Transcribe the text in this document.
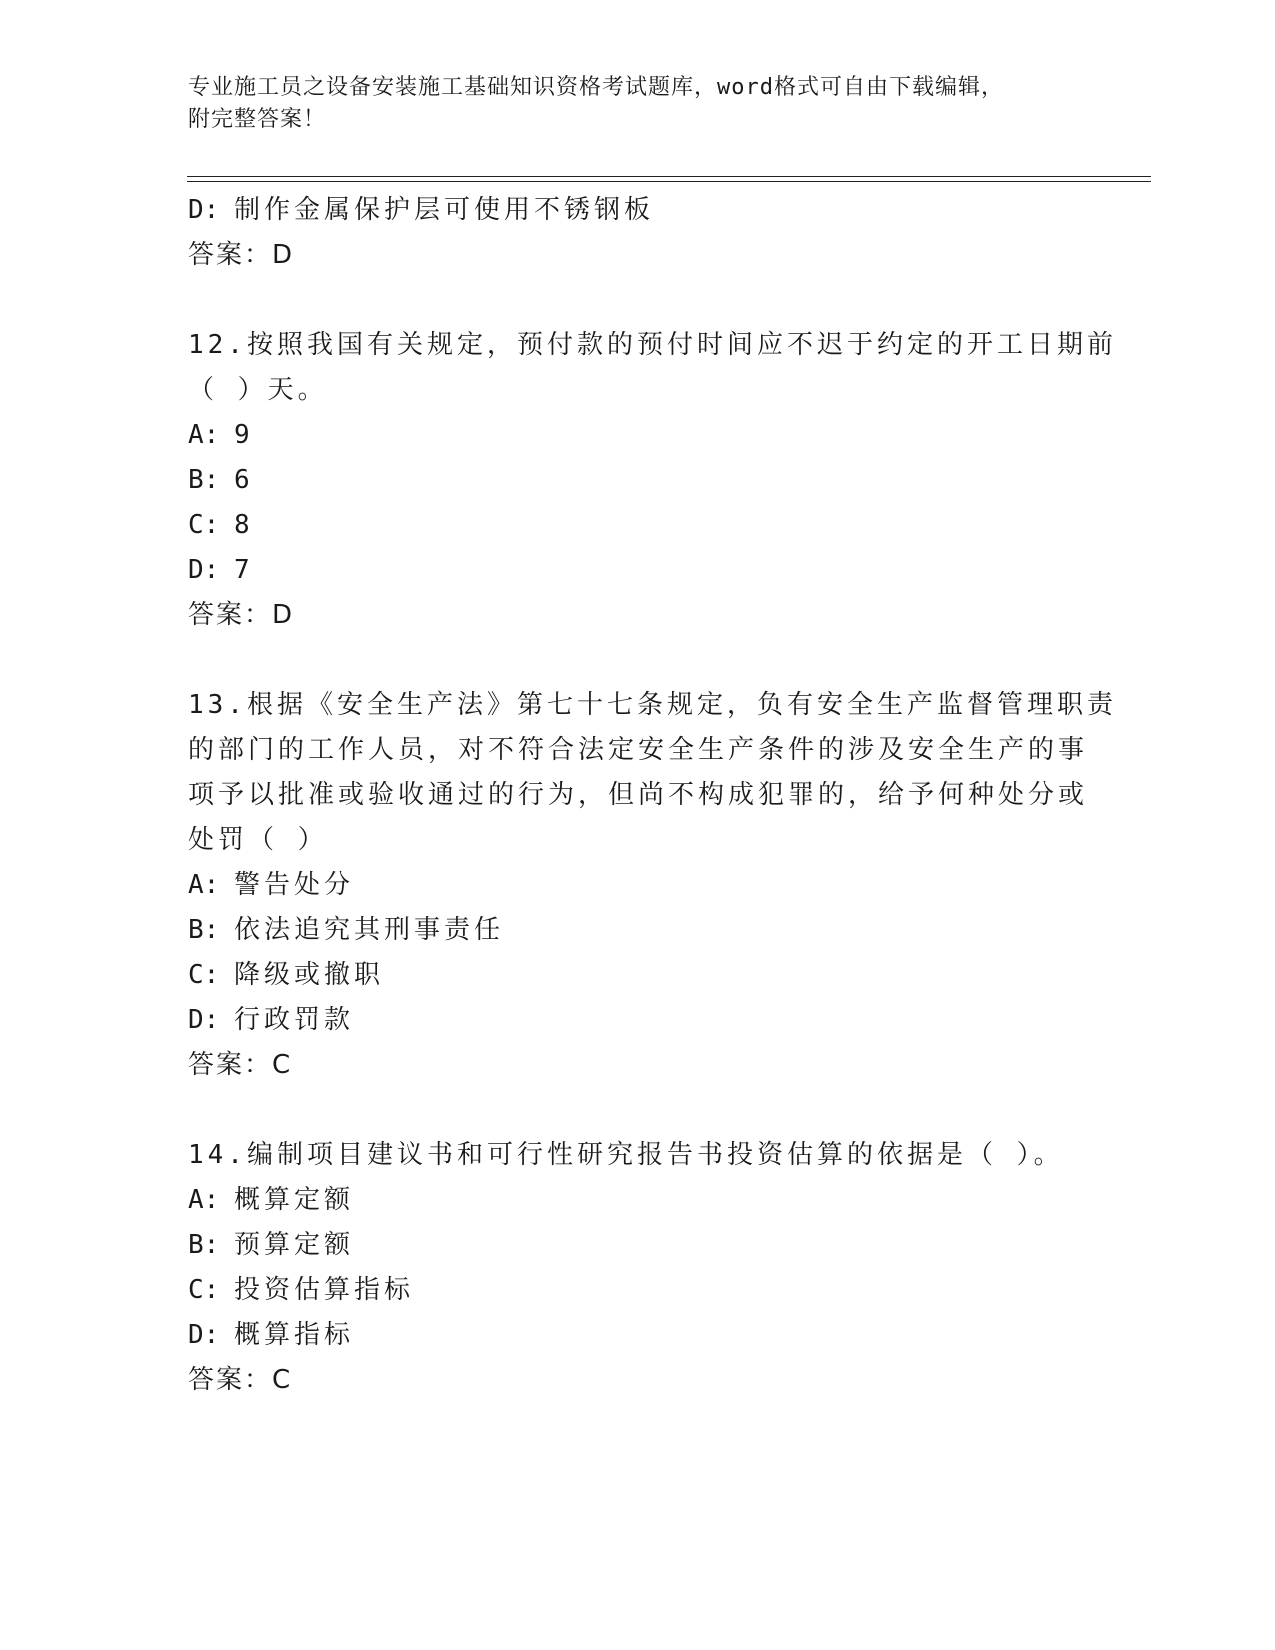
专业施工员之设备安装施工基础知识资格考试题库，word格式可自由下载编辑，
附完整答案！
D: 制作金属保护层可使用不锈钢板
答案：D
12.按照我国有关规定，预付款的预付时间应不迟于约定的开工日期前
（ ）天。
A: 9
B: 6
C: 8
D: 7
答案：D
13.根据《安全生产法》第七十七条规定，负有安全生产监督管理职责
的部门的工作人员，对不符合法定安全生产条件的涉及安全生产的事
项予以批准或验收通过的行为，但尚不构成犯罪的，给予何种处分或
处罚（ ）
A: 警告处分
B: 依法追究其刑事责任
C: 降级或撤职
D: 行政罚款
答案：C
14.编制项目建议书和可行性研究报告书投资估算的依据是（ ）。
A: 概算定额
B: 预算定额
C: 投资估算指标
D: 概算指标
答案：C
